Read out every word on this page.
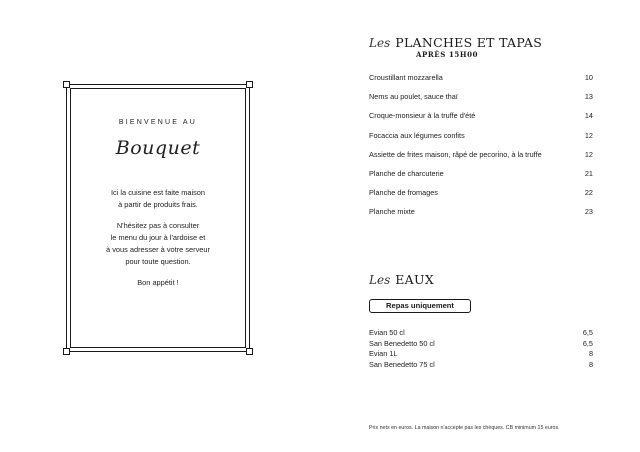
BIENVENUE AU
Bouquet

Ici la cuisine est faite maison
à partir de produits frais.

N'hésitez pas à consulter
le menu du jour à l'ardoise et
à vous adresser à votre serveur
pour toute question.

Bon appétit !

Les PLANCHES ET TAPAS
APRÈS 15H00
Croustillant mozzarella	10
Nems au poulet, sauce thaï	13
Croque-monsieur à la truffe d'été	14
Focaccia aux légumes confits	12
Assiette de frites maison, râpé de pecorino, à la truffe	12
Planche de charcuterie	21
Planche de fromages	22
Planche mixte	23
Les EAUX
Repas uniquement
Evian 50 cl	6,5
San Benedetto 50 cl	6,5
Evian 1L	8
San Benedetto 75 cl	8
Prix nets en euros. La maison n'accepte pas les chèques. CB minimum 15 euros.
